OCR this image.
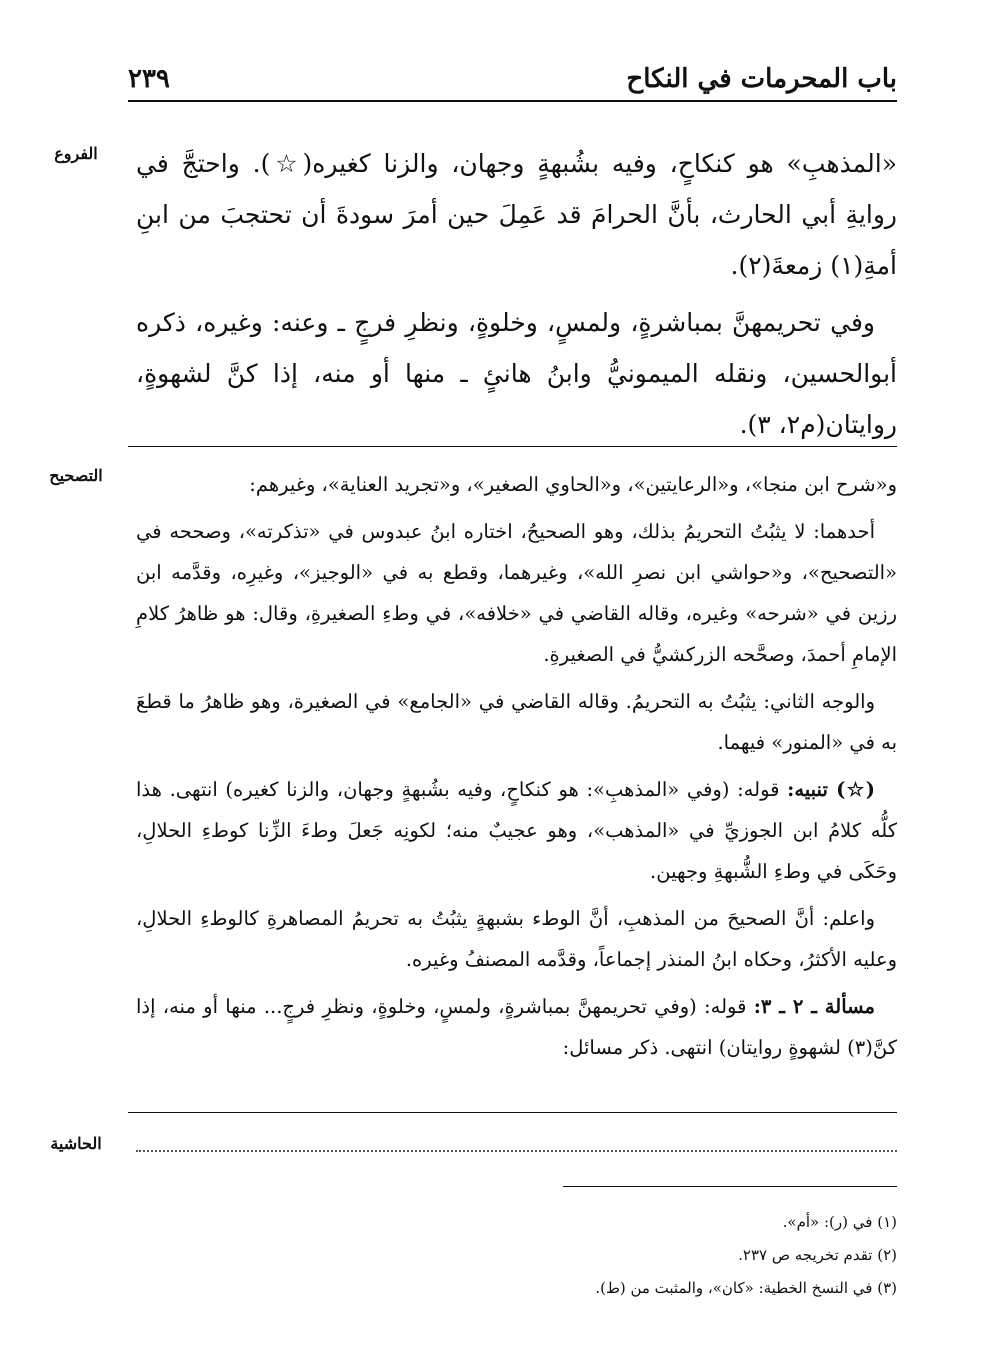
باب المحرمات في النكاح
٢٣٩
الفروع	«المذهبِ» هو كنكاحٍ، وفيه بشُبهةٍ وجهان، والزنا كغيره(☆). واحتجَّ في روايةِ أبي الحارث، بأنَّ الحرامَ قد عَمِلَ حين أمرَ سودةَ أن تحتجبَ من ابنِ أمةِ(١) زمعةَ(٢).

وفي تحريمهنَّ بمباشرةٍ، ولمسٍ، وخلوةٍ، ونظرِ فرجٍ ـ وعنه: وغيره، ذكره أبوالحسين، ونقله الميمونيُّ وابنُ هانئٍ ـ منها أو منه، إذا كنَّ لشهوةٍ، روايتان(م٢، ٣).

التصحيح	و«شرح ابن منجا»، و«الرعايتين»، و«الحاوي الصغير»، و«تجريد العناية»، وغيرهم:

أحدهما: لا يثبُتُ التحريمُ بذلك، وهو الصحيحُ، اختاره ابنُ عبدوس في «تذكرته»، وصححه في «التصحيح»، و«حواشي ابن نصرِ الله»، وغيرهما، وقطع به في «الوجيز»، وغيرِه، وقدَّمه ابن رزين في «شرحه» وغيره، وقاله القاضي في «خلافه»، في وطءِ الصغيرةِ، وقال: هو ظاهرُ كلامِ الإمامِ أحمدَ، وصحَّحه الزركشيُّ في الصغيرةِ.

والوجه الثاني: يثبُتُ به التحريمُ. وقاله القاضي في «الجامع» في الصغيرة، وهو ظاهرُ ما قطعَ به في «المنور» فيهما.

(☆) تنبيه: قوله: (وفي «المذهبِ»: هو كنكاحٍ، وفيه بشُبهةٍ وجهان، والزنا كغيره) انتهى. هذا كلُّه كلامُ ابن الجوزيِّ في «المذهب»، وهو عجيبٌ منه؛ لكونِه جَعلَ وطءَ الزِّنا كوطءِ الحلالِ، وحَكَى في وطءِ الشُّبهةِ وجهين.

واعلم: أنَّ الصحيحَ من المذهبِ، أنَّ الوطء بشبهةٍ يثبُتُ به تحريمُ المصاهرةِ كالوطءِ الحلالِ، وعليه الأكثرُ، وحكاه ابنُ المنذر إجماعاً، وقدَّمه المصنفُ وغيره.

مسألة ـ ٢ ـ ٣: قوله: (وفي تحريمهنَّ بمباشرةٍ، ولمسٍ، وخلوةٍ، ونظرِ فرجٍ... منها أو منه، إذا كنَّ(٣) لشهوةٍ روايتان) انتهى. ذكر مسائل:

الحاشية
(١) في (ر): «أم».
(٢) تقدم تخريجه ص ٢٣٧.
(٣) في النسخ الخطية: «كان»، والمثبت من (ط).
